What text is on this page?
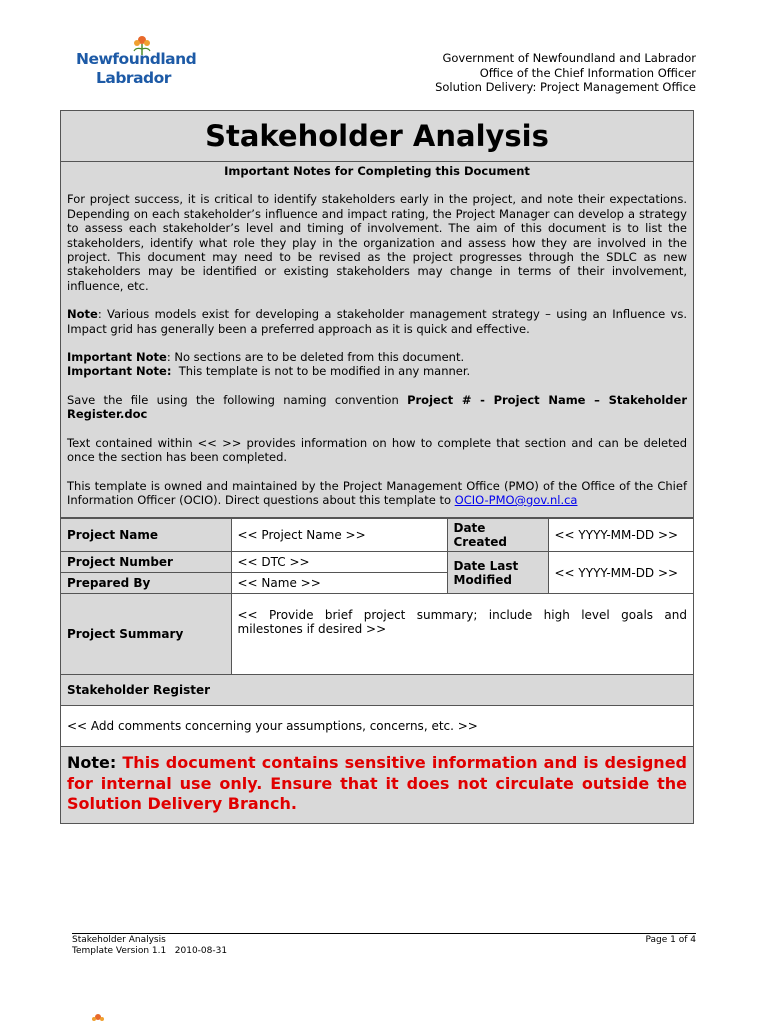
Newfoundland
Labrador
Government of Newfoundland and Labrador
Office of the Chief Information Officer
Solution Delivery: Project Management Office
Stakeholder Analysis
Important Notes for Completing this Document

For project success, it is critical to identify stakeholders early in the project, and note their expectations. Depending on each stakeholder’s influence and impact rating, the Project Manager can develop a strategy to assess each stakeholder’s level and timing of involvement. The aim of this document is to list the stakeholders, identify what role they play in the organization and assess how they are involved in the project. This document may need to be revised as the project progresses through the SDLC as new stakeholders may be identified or existing stakeholders may change in terms of their involvement, influence, etc.

Note: Various models exist for developing a stakeholder management strategy – using an Influence vs. Impact grid has generally been a preferred approach as it is quick and effective.

Important Note: No sections are to be deleted from this document.
Important Note:  This template is not to be modified in any manner.

Save the file using the following naming convention Project # - Project Name – Stakeholder Register.doc

Text contained within << >> provides information on how to complete that section and can be deleted once the section has been completed.

This template is owned and maintained by the Project Management Office (PMO) of the Office of the Chief Information Officer (OCIO). Direct questions about this template to OCIO-PMO@gov.nl.ca

Project Name	<< Project Name >>	Date Created	<< YYYY-MM-DD >>
Project Number	<< DTC >>	Date Last Modified	<< YYYY-MM-DD >>
Prepared By	<< Name >>		
Project Summary	<< Provide brief project summary; include high level goals and milestones if desired >>		
Stakeholder Register
<< Add comments concerning your assumptions, concerns, etc. >>
Note: This document contains sensitive information and is designed for internal use only. Ensure that it does not circulate outside the Solution Delivery Branch.
Stakeholder Analysis
Template Version 1.1   2010-08-31
Page 1 of 4
